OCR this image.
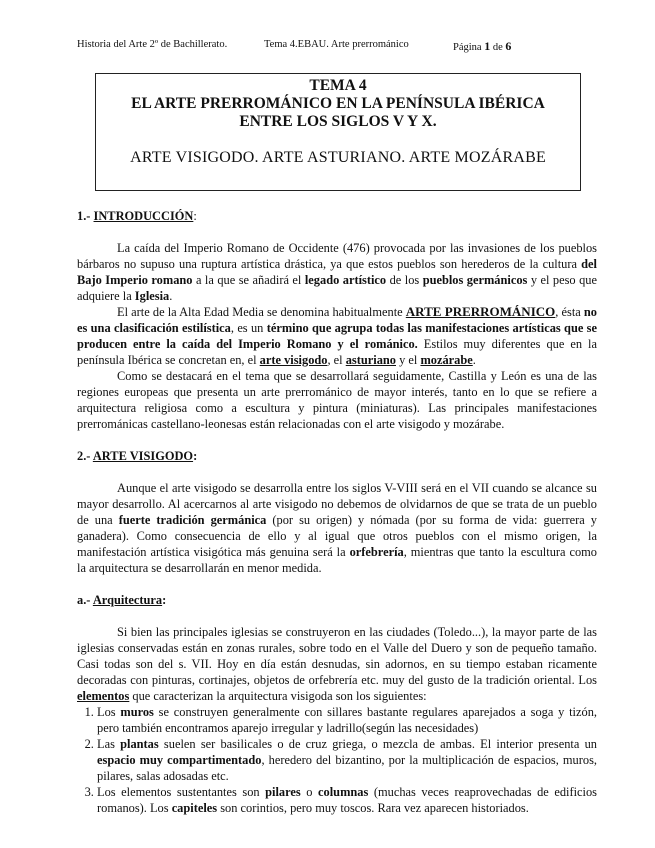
Historia del Arte 2º de Bachillerato.	Tema 4.EBAU. Arte prerrománico	Página 1 de 6
TEMA 4
EL ARTE PRERROMÁNICO EN LA PENÍNSULA IBÉRICA
ENTRE LOS SIGLOS V Y X.
ARTE VISIGODO. ARTE ASTURIANO. ARTE MOZÁRABE

1.- INTRODUCCIÓN:

La caída del Imperio Romano de Occidente (476) provocada por las invasiones de los pueblos bárbaros no supuso una ruptura artística drástica, ya que estos pueblos son herederos de la cultura del Bajo Imperio romano a la que se añadirá el legado artístico de los pueblos germánicos y el peso que adquiere la Iglesia.

El arte de la Alta Edad Media se denomina habitualmente ARTE PRERROMÁNICO, ésta no es una clasificación estilística, es un término que agrupa todas las manifestaciones artísticas que se producen entre la caída del Imperio Romano y el románico. Estilos muy diferentes que en la península Ibérica se concretan en, el arte visigodo, el asturiano y el mozárabe.

Como se destacará en el tema que se desarrollará seguidamente, Castilla y León es una de las regiones europeas que presenta un arte prerrománico de mayor interés, tanto en lo que se refiere a arquitectura religiosa como a escultura y pintura (miniaturas). Las principales manifestaciones prerrománicas castellano-leonesas están relacionadas con el arte visigodo y mozárabe.

2.- ARTE VISIGODO:

Aunque el arte visigodo se desarrolla entre los siglos V-VIII será en el VII cuando se alcance su mayor desarrollo. Al acercarnos al arte visigodo no debemos de olvidarnos de que se trata de un pueblo de una fuerte tradición germánica (por su origen) y nómada (por su forma de vida: guerrera y ganadera). Como consecuencia de ello y al igual que otros pueblos con el mismo origen, la manifestación artística visigótica más genuina será la orfebrería, mientras que tanto la escultura como la arquitectura se desarrollarán en menor medida.

a.- Arquitectura:

Si bien las principales iglesias se construyeron en las ciudades (Toledo...), la mayor parte de las iglesias conservadas están en zonas rurales, sobre todo en el Valle del Duero y son de pequeño tamaño. Casi todas son del s. VII. Hoy en día están desnudas, sin adornos, en su tiempo estaban ricamente decoradas con pinturas, cortinajes, objetos de orfebrería etc. muy del gusto de la tradición oriental. Los elementos que caracterizan la arquitectura visigoda son los siguientes:

1. Los muros se construyen generalmente con sillares bastante regulares aparejados a soga y tizón, pero también encontramos aparejo irregular y ladrillo(según las necesidades)
2. Las plantas suelen ser basilicales o de cruz griega, o mezcla de ambas. El interior presenta un espacio muy compartimentado, heredero del bizantino, por la multiplicación de espacios, muros, pilares, salas adosadas etc.
3. Los elementos sustentantes son pilares o columnas (muchas veces reaprovechadas de edificios romanos). Los capiteles son corintios, pero muy toscos. Rara vez aparecen historiados.
